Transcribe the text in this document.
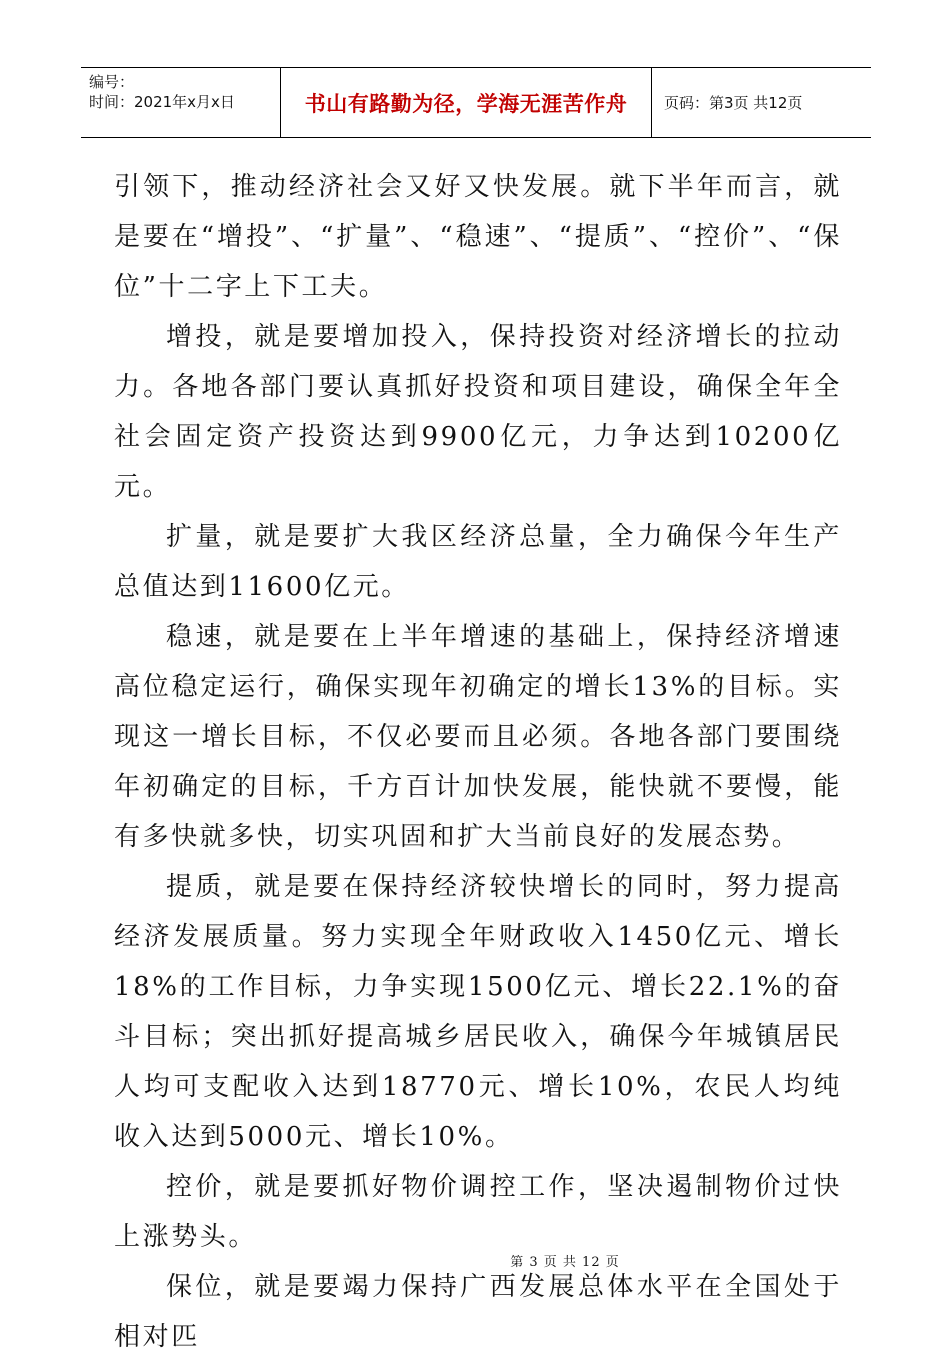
编号：
时间：2021年x月x日	书山有路勤为径，学海无涯苦作舟	页码：第3页 共12页

引领下，推动经济社会又好又快发展。就下半年而言，就是要在“增投”、“扩量”、“稳速”、“提质”、“控价”、“保位”十二字上下工夫。

增投，就是要增加投入，保持投资对经济增长的拉动力。各地各部门要认真抓好投资和项目建设，确保全年全社会固定资产投资达到9900亿元，力争达到10200亿元。

扩量，就是要扩大我区经济总量，全力确保今年生产总值达到11600亿元。

稳速，就是要在上半年增速的基础上，保持经济增速高位稳定运行，确保实现年初确定的增长13%的目标。实现这一增长目标，不仅必要而且必须。各地各部门要围绕年初确定的目标，千方百计加快发展，能快就不要慢，能有多快就多快，切实巩固和扩大当前良好的发展态势。

提质，就是要在保持经济较快增长的同时，努力提高经济发展质量。努力实现全年财政收入1450亿元、增长18%的工作目标，力争实现1500亿元、增长22.1%的奋斗目标；突出抓好提高城乡居民收入，确保今年城镇居民人均可支配收入达到18770元、增长10%，农民人均纯收入达到5000元、增长10%。

控价，就是要抓好物价调控工作，坚决遏制物价过快上涨势头。

保位，就是要竭力保持广西发展总体水平在全国处于相对匹

第 3 页 共 12 页
